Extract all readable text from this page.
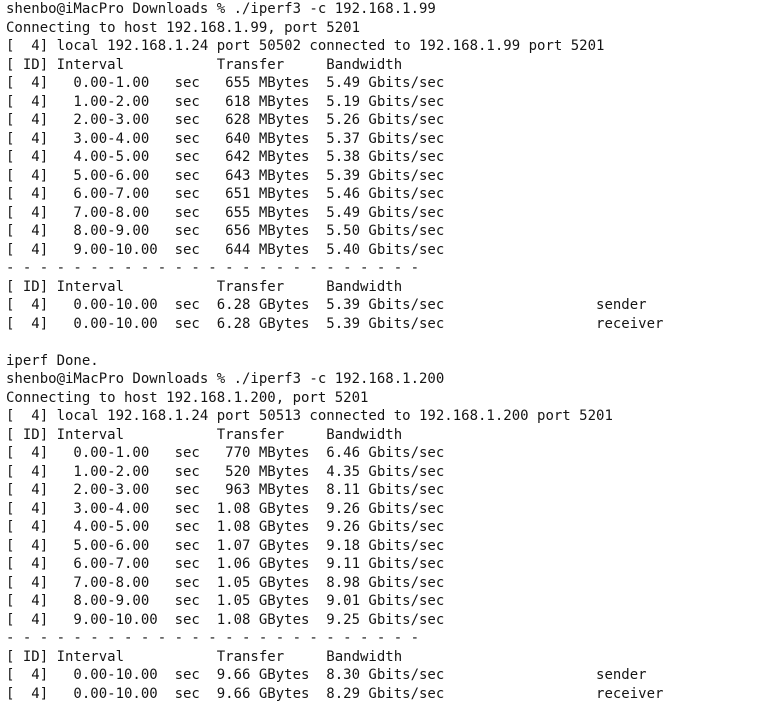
shenbo@iMacPro Downloads % ./iperf3 -c 192.168.1.99
Connecting to host 192.168.1.99, port 5201
[  4] local 192.168.1.24 port 50502 connected to 192.168.1.99 port 5201
[ ID] Interval           Transfer     Bandwidth
[  4]   0.00-1.00   sec   655 MBytes  5.49 Gbits/sec
[  4]   1.00-2.00   sec   618 MBytes  5.19 Gbits/sec
[  4]   2.00-3.00   sec   628 MBytes  5.26 Gbits/sec
[  4]   3.00-4.00   sec   640 MBytes  5.37 Gbits/sec
[  4]   4.00-5.00   sec   642 MBytes  5.38 Gbits/sec
[  4]   5.00-6.00   sec   643 MBytes  5.39 Gbits/sec
[  4]   6.00-7.00   sec   651 MBytes  5.46 Gbits/sec
[  4]   7.00-8.00   sec   655 MBytes  5.49 Gbits/sec
[  4]   8.00-9.00   sec   656 MBytes  5.50 Gbits/sec
[  4]   9.00-10.00  sec   644 MBytes  5.40 Gbits/sec
- - - - - - - - - - - - - - - - - - - - - - - - -
[ ID] Interval           Transfer     Bandwidth
[  4]   0.00-10.00  sec  6.28 GBytes  5.39 Gbits/sec                  sender
[  4]   0.00-10.00  sec  6.28 GBytes  5.39 Gbits/sec                  receiver
iperf Done.
shenbo@iMacPro Downloads % ./iperf3 -c 192.168.1.200
Connecting to host 192.168.1.200, port 5201
[  4] local 192.168.1.24 port 50513 connected to 192.168.1.200 port 5201
[ ID] Interval           Transfer     Bandwidth
[  4]   0.00-1.00   sec   770 MBytes  6.46 Gbits/sec
[  4]   1.00-2.00   sec   520 MBytes  4.35 Gbits/sec
[  4]   2.00-3.00   sec   963 MBytes  8.11 Gbits/sec
[  4]   3.00-4.00   sec  1.08 GBytes  9.26 Gbits/sec
[  4]   4.00-5.00   sec  1.08 GBytes  9.26 Gbits/sec
[  4]   5.00-6.00   sec  1.07 GBytes  9.18 Gbits/sec
[  4]   6.00-7.00   sec  1.06 GBytes  9.11 Gbits/sec
[  4]   7.00-8.00   sec  1.05 GBytes  8.98 Gbits/sec
[  4]   8.00-9.00   sec  1.05 GBytes  9.01 Gbits/sec
[  4]   9.00-10.00  sec  1.08 GBytes  9.25 Gbits/sec
- - - - - - - - - - - - - - - - - - - - - - - - -
[ ID] Interval           Transfer     Bandwidth
[  4]   0.00-10.00  sec  9.66 GBytes  8.30 Gbits/sec                  sender
[  4]   0.00-10.00  sec  9.66 GBytes  8.29 Gbits/sec                  receiver
